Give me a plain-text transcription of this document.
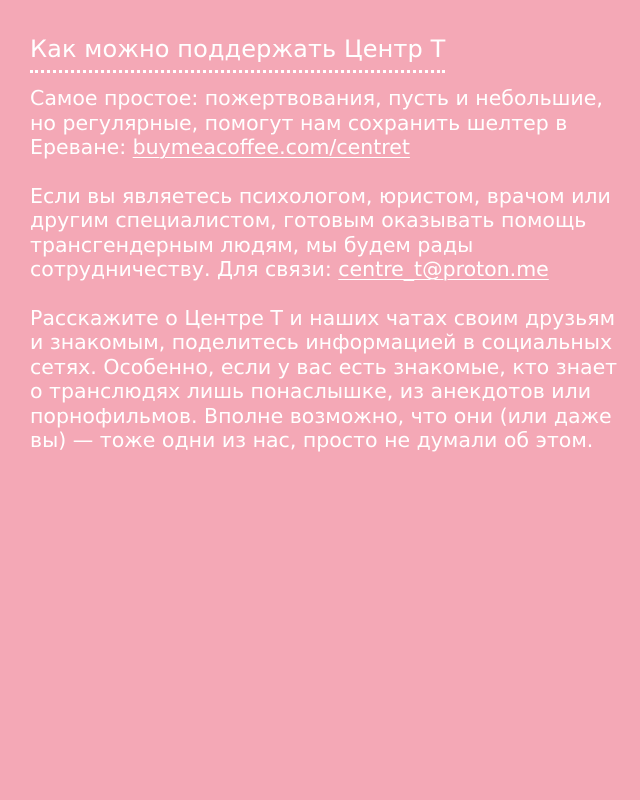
Как можно поддержать Центр Т

Самое простое: пожертвования, пусть и небольшие, но регулярные, помогут нам сохранить шелтер в Ереване: buymeacoffee.com/centret

Если вы являетесь психологом, юристом, врачом или другим специалистом, готовым оказывать помощь трансгендерным людям, мы будем рады сотрудничеству. Для связи: centre_t@proton.me

Расскажите о Центре Т и наших чатах своим друзьям и знакомым, поделитесь информацией в социальных сетях. Особенно, если у вас есть знакомые, кто знает о транслюдях лишь понаслышке, из анекдотов или порнофильмов. Вполне возможно, что они (или даже вы) — тоже одни из нас, просто не думали об этом.
